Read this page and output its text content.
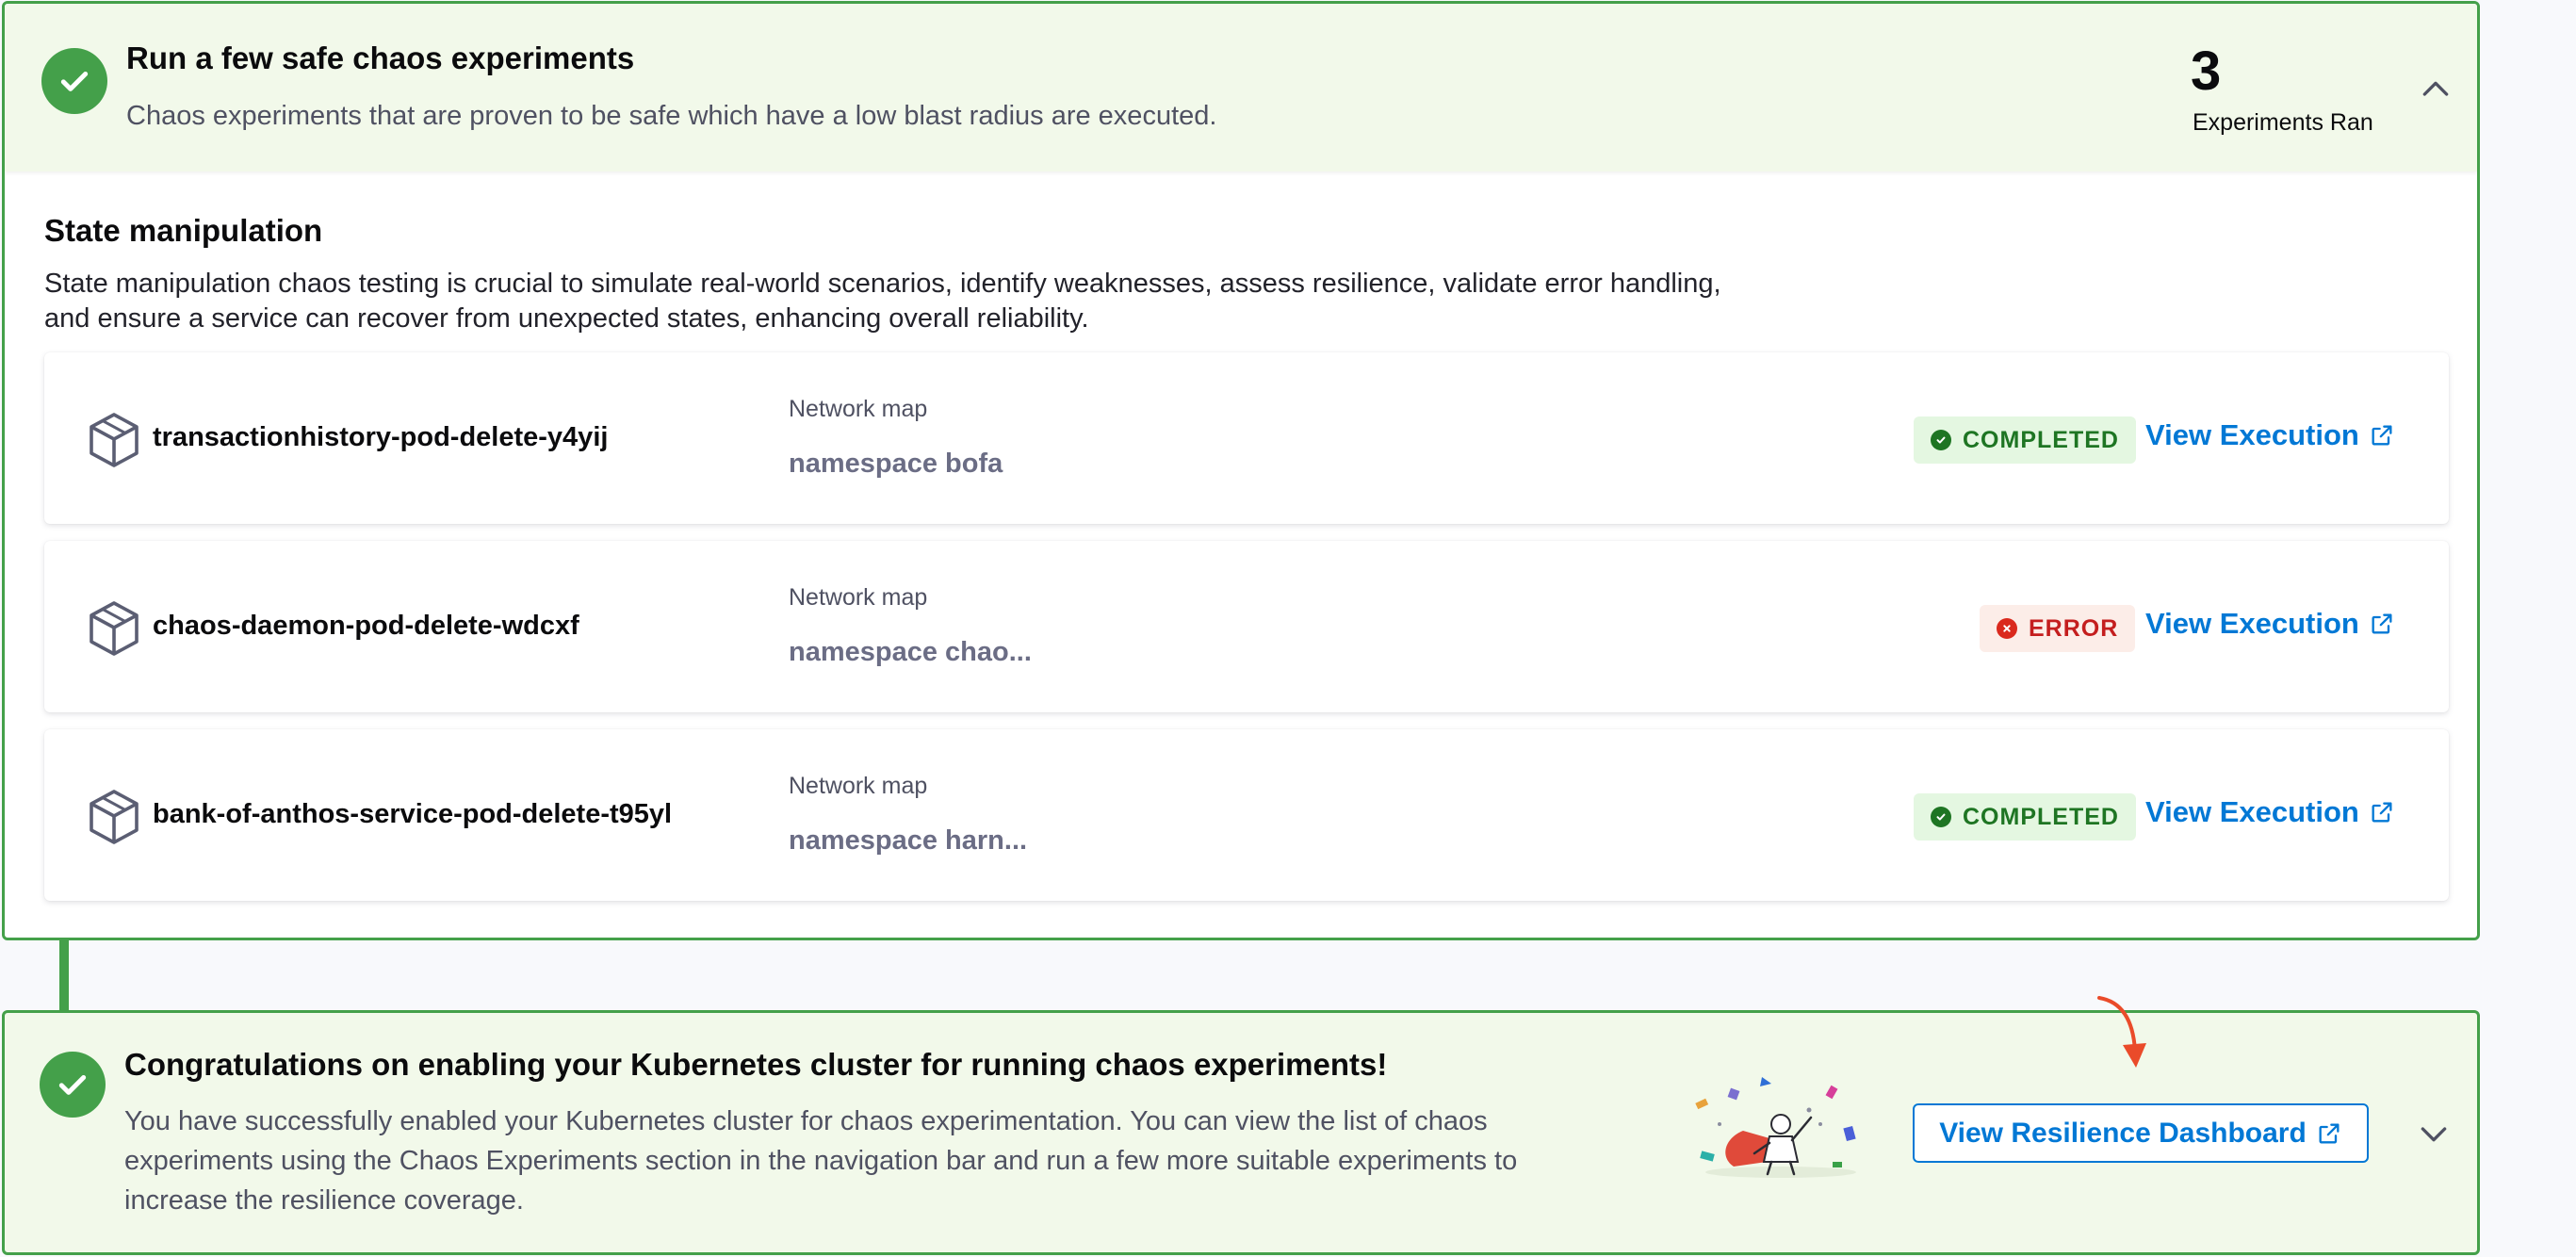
Run a few safe chaos experiments
Chaos experiments that are proven to be safe which have a low blast radius are executed.
3
Experiments Ran
State manipulation
State manipulation chaos testing is crucial to simulate real-world scenarios, identify weaknesses, assess resilience, validate error handling, and ensure a service can recover from unexpected states, enhancing overall reliability.
transactionhistory-pod-delete-y4yij
Network map
namespace bofa
COMPLETED View Execution
chaos-daemon-pod-delete-wdcxf
Network map
namespace chao...
ERROR View Execution
bank-of-anthos-service-pod-delete-t95yl
Network map
namespace harn...
COMPLETED View Execution
Congratulations on enabling your Kubernetes cluster for running chaos experiments!
You have successfully enabled your Kubernetes cluster for chaos experimentation. You can view the list of chaos experiments using the Chaos Experiments section in the navigation bar and run a few more suitable experiments to increase the resilience coverage.
View Resilience Dashboard
